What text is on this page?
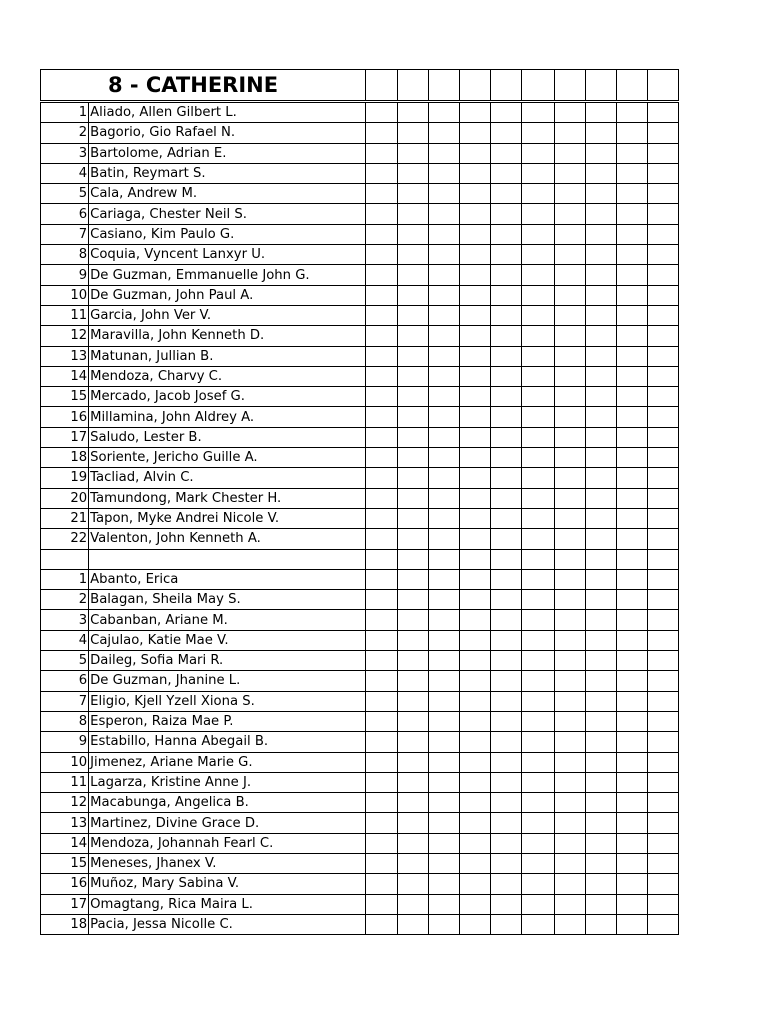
8 - CATHERINE											
1	Aliado, Allen Gilbert L.										
2	Bagorio, Gio Rafael N.										
3	Bartolome, Adrian E.										
4	Batin, Reymart S.										
5	Cala, Andrew M.										
6	Cariaga, Chester Neil S.										
7	Casiano, Kim Paulo G.										
8	Coquia, Vyncent Lanxyr U.										
9	De Guzman, Emmanuelle John G.										
10	De Guzman, John Paul A.										
11	Garcia, John Ver V.										
12	Maravilla, John Kenneth D.										
13	Matunan, Jullian B.										
14	Mendoza, Charvy C.										
15	Mercado, Jacob Josef G.										
16	Millamina, John Aldrey A.										
17	Saludo, Lester B.										
18	Soriente, Jericho Guille A.										
19	Tacliad, Alvin C.										
20	Tamundong, Mark Chester H.										
21	Tapon, Myke Andrei Nicole V.										
22	Valenton, John Kenneth A.										

1	Abanto, Erica										
2	Balagan, Sheila May S.										
3	Cabanban, Ariane M.										
4	Cajulao, Katie Mae V.										
5	Daileg, Sofia Mari R.										
6	De Guzman, Jhanine L.										
7	Eligio, Kjell Yzell Xiona S.										
8	Esperon, Raiza Mae P.										
9	Estabillo, Hanna Abegail B.										
10	Jimenez, Ariane Marie G.										
11	Lagarza, Kristine Anne J.										
12	Macabunga, Angelica B.										
13	Martinez, Divine Grace D.										
14	Mendoza, Johannah Fearl C.										
15	Meneses, Jhanex V.										
16	Muñoz, Mary Sabina V.										
17	Omagtang, Rica Maira L.										
18	Pacia, Jessa Nicolle C.										
